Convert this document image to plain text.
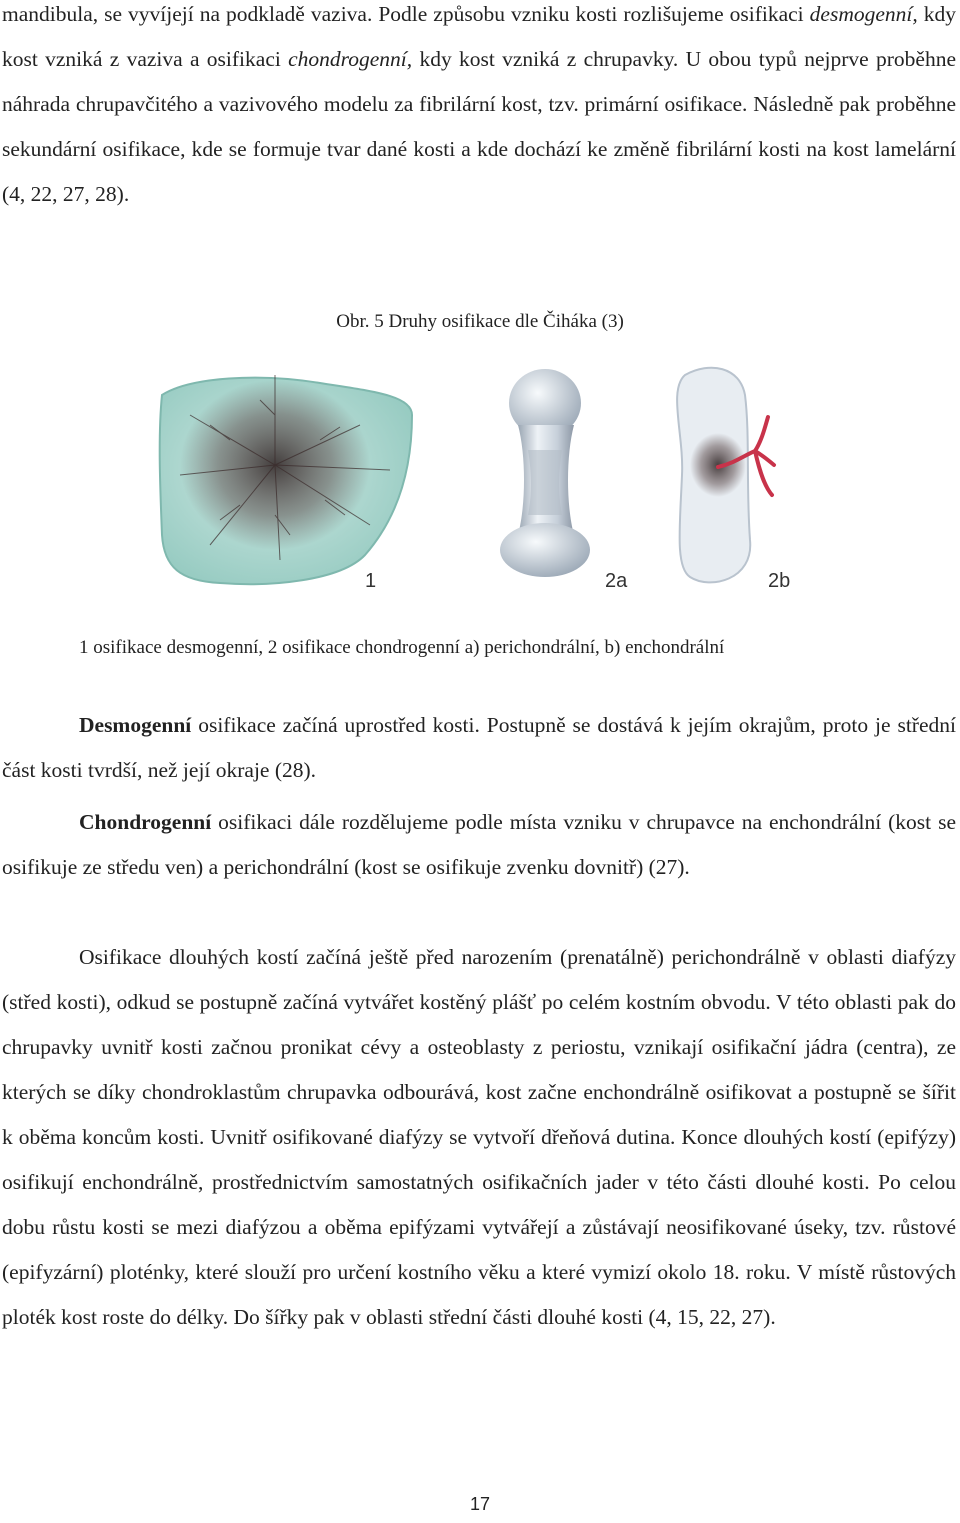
mandibula, se vyvíjejí na podkladě vaziva. Podle způsobu vzniku kosti rozlišujeme osifikaci desmogenní, kdy kost vzniká z vaziva a osifikaci chondrogenní, kdy kost vzniká z chrupavky. U obou typů nejprve proběhne náhrada chrupavčitého a vazivového modelu za fibrilární kost, tzv. primární osifikace. Následně pak proběhne sekundární osifikace, kde se formuje tvar dané kosti a kde dochází ke změně fibrilární kosti na kost lamelární (4, 22, 27, 28).

Obr. 5 Druhy osifikace dle Čiháka (3)
1	2a	2b
1 osifikace desmogenní, 2 osifikace chondrogenní a) perichondrální, b) enchondrální

Desmogenní osifikace začíná uprostřed kosti. Postupně se dostává k jejím okrajům, proto je střední část kosti tvrdší, než její okraje (28).

Chondrogenní osifikaci dále rozdělujeme podle místa vzniku v chrupavce na enchondrální (kost se osifikuje ze středu ven) a perichondrální (kost se osifikuje zvenku dovnitř) (27).

Osifikace dlouhých kostí začíná ještě před narozením (prenatálně) perichondrálně v oblasti diafýzy (střed kosti), odkud se postupně začíná vytvářet kostěný plášť po celém kostním obvodu. V této oblasti pak do chrupavky uvnitř kosti začnou pronikat cévy a osteoblasty z periostu, vznikají osifikační jádra (centra), ze kterých se díky chondroklastům chrupavka odbourává, kost začne enchondrálně osifikovat a postupně se šířit k oběma koncům kosti. Uvnitř osifikované diafýzy se vytvoří dřeňová dutina. Konce dlouhých kostí (epifýzy) osifikují enchondrálně, prostřednictvím samostatných osifikačních jader v této části dlouhé kosti. Po celou dobu růstu kosti se mezi diafýzou a oběma epifýzami vytvářejí a zůstávají neosifikované úseky, tzv. růstové (epifyzární) ploténky, které slouží pro určení kostního věku a které vymizí okolo 18. roku. V místě růstových ploték kost roste do délky. Do šířky pak v oblasti střední části dlouhé kosti (4, 15, 22, 27).

17
